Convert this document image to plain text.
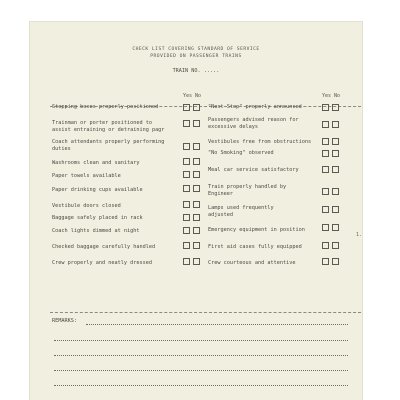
CHECK LIST COVERING STANDARD OF SERVICE
PROVIDED ON PASSENGER TRAINS
TRAIN NO. .....
Yes No	Yes No
Stepping boxes properly positioned
Trainman or porter positioned to
assist entraining or detraining pagr
Coach attendants properly performing
duties
Washrooms clean and sanitary
Paper towels available
Paper drinking cups available
Vestibule doors closed
Baggage safely placed in rack
Coach lights dimmed at night
Checked baggage carefully handled
Crew properly and neatly dressed
"Next Stop" properly announced
Passengers advised reason for
excessive delays
Vestibules free from obstructions
"No Smoking" observed
Meal car service satisfactory
Train properly handled by
Engineer
Lamps used frequently
adjusted
Emergency equipment in position
First aid cases fully equipped
Crew courteous and attentive
1.
REMARKS:
